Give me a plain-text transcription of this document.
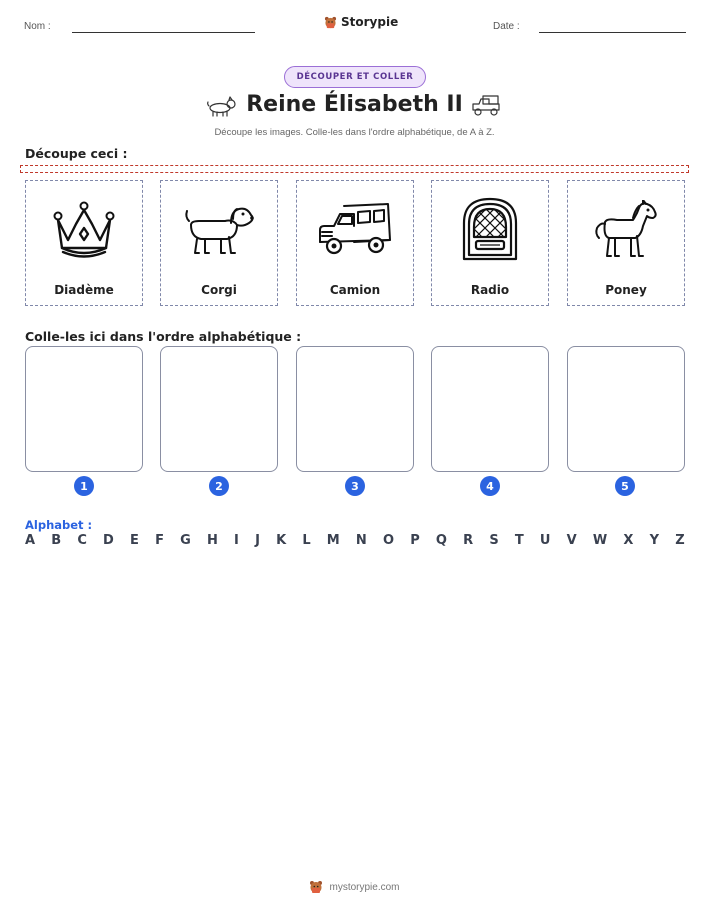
Nom :	Storypie	Date :
DÉCOUPER ET COLLER
Reine Élisabeth II
Découpe les images. Colle-les dans l'ordre alphabétique, de A à Z.
Découpe ceci :
Diadème	Corgi	Camion	Radio	Poney
Colle-les ici dans l'ordre alphabétique :
1	2	3	4	5
Alphabet :
A B C D E F G H I J K L M N O P Q R S T U V W X Y Z
mystorypie.com
